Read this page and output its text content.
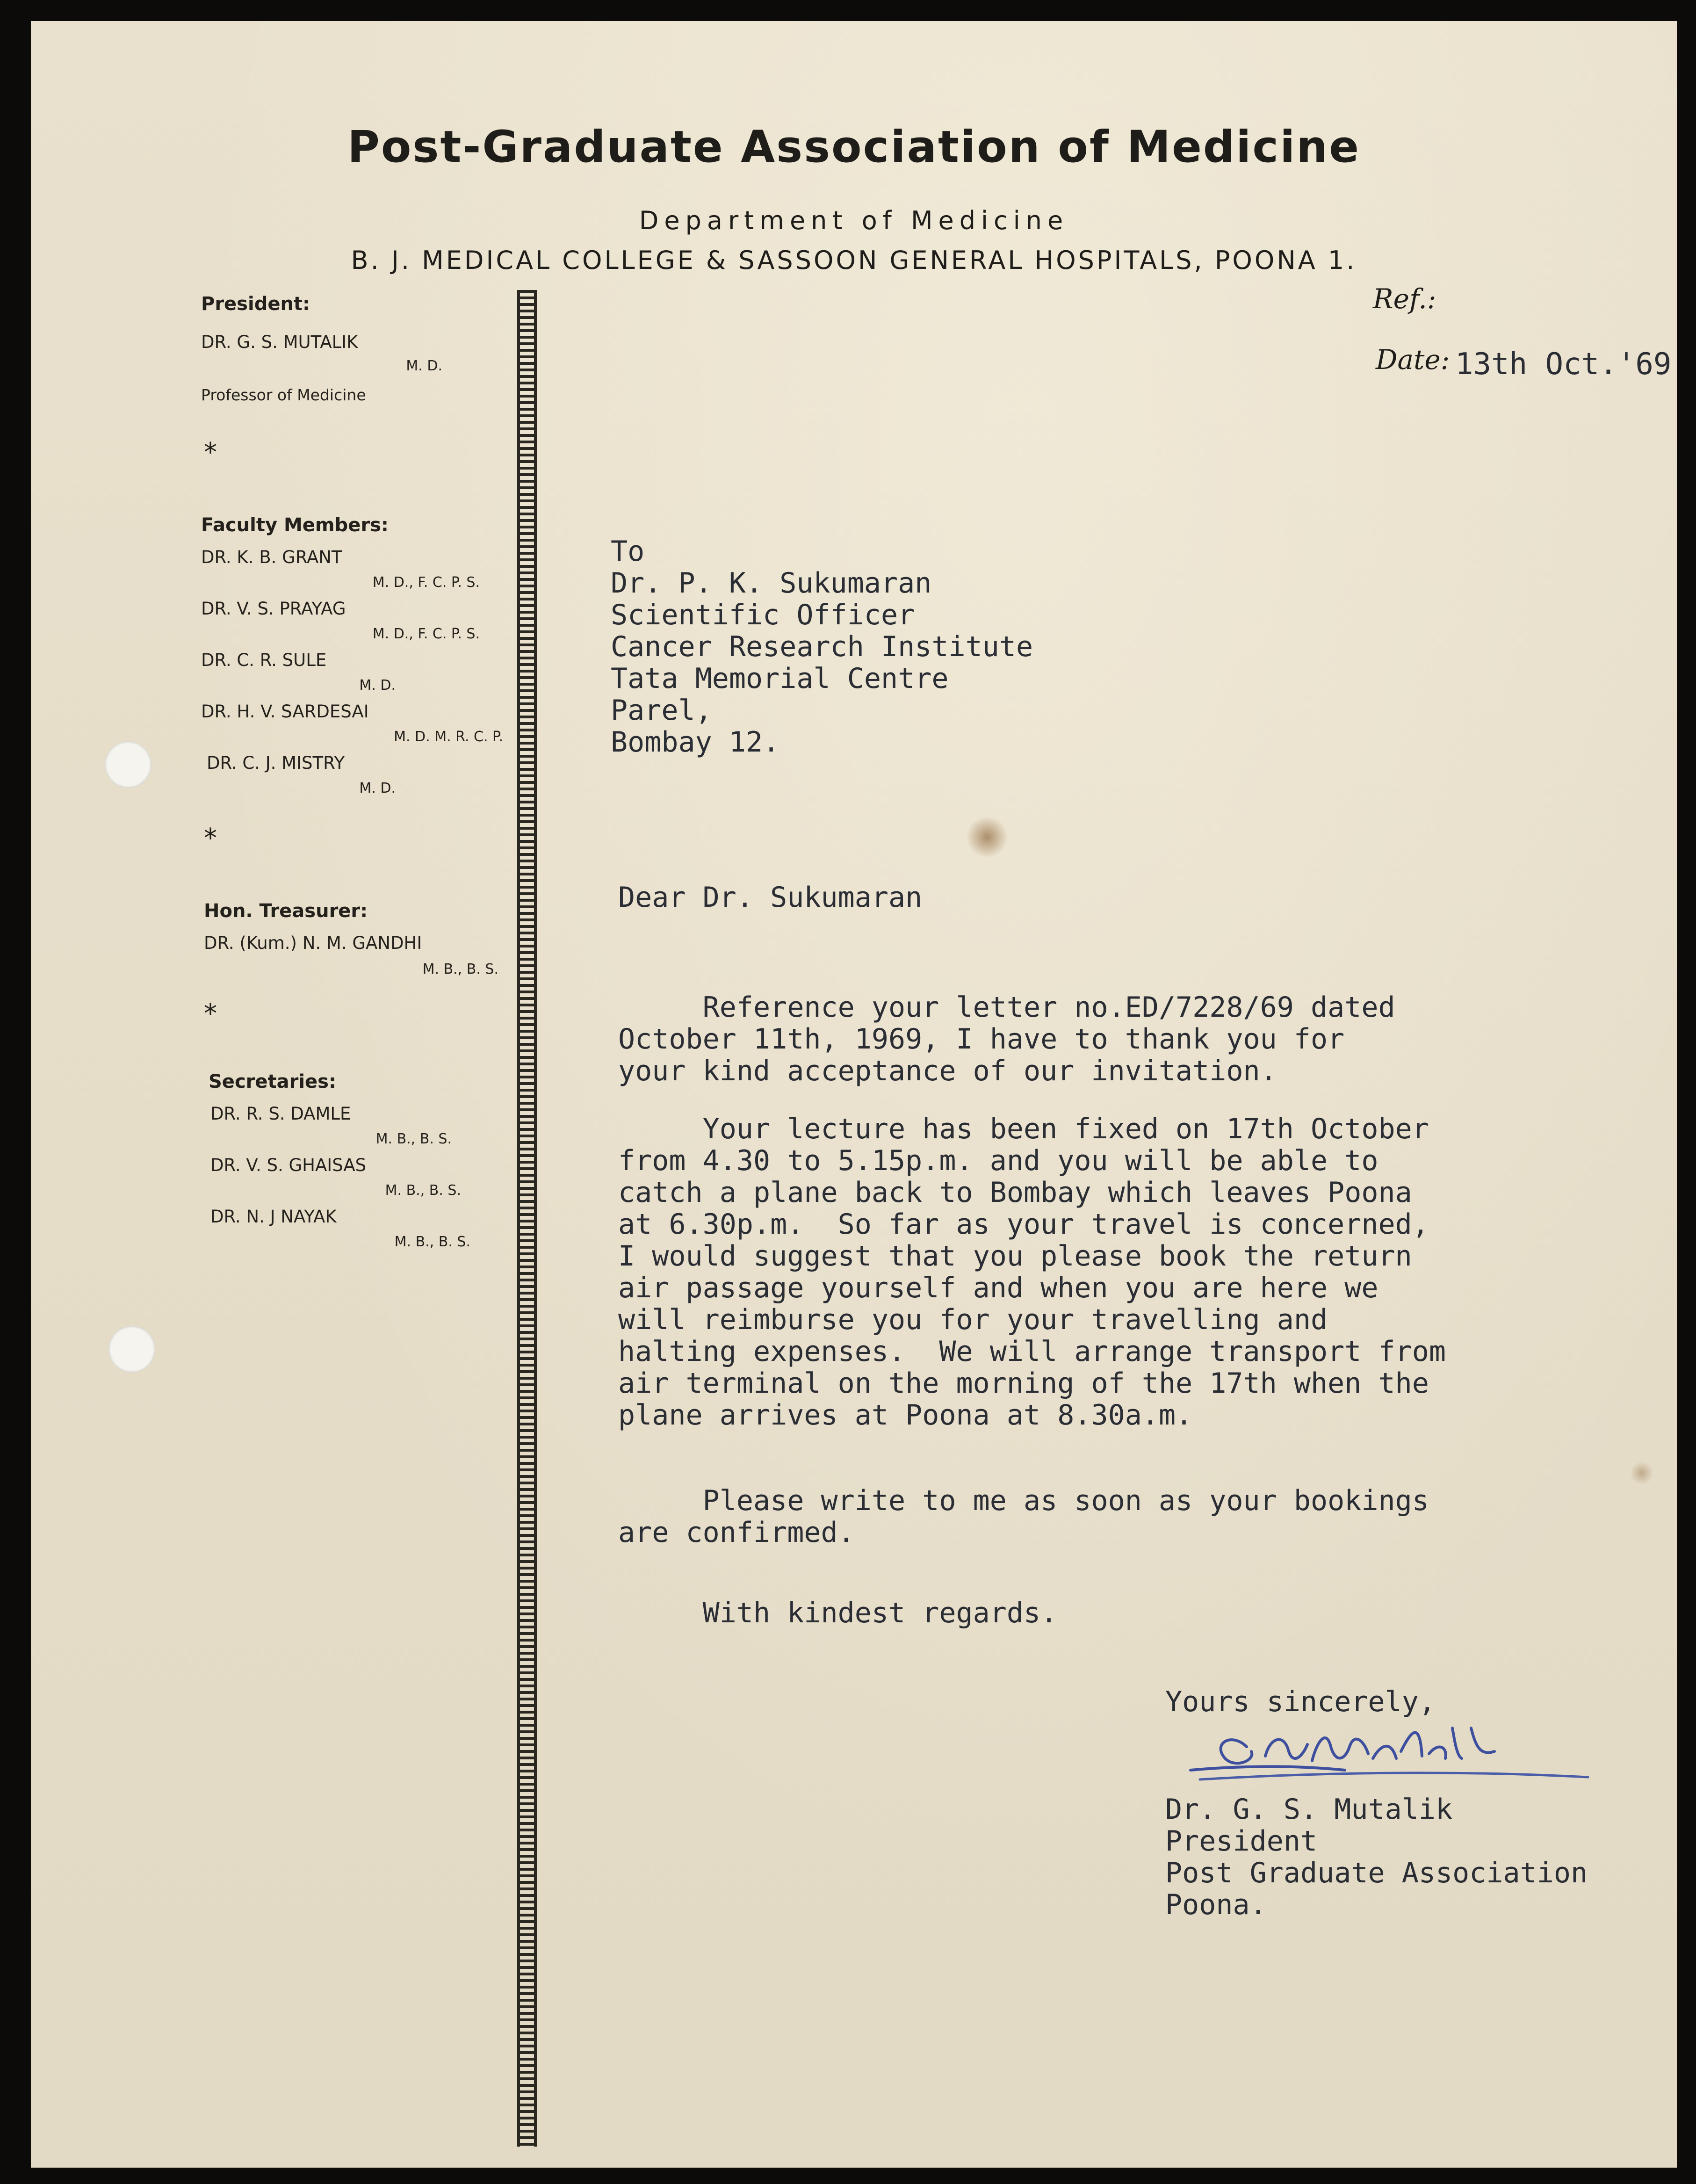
Post-Graduate Association of Medicine
Department of Medicine
B. J. MEDICAL COLLEGE & SASSOON GENERAL HOSPITALS, POONA 1.
President:
DR. G. S. MUTALIK
M. D.
Professor of Medicine
*
Faculty Members:
DR. K. B. GRANT
M. D., F. C. P. S.
DR. V. S. PRAYAG
M. D., F. C. P. S.
DR. C. R. SULE
M. D.
DR. H. V. SARDESAI
M. D. M. R. C. P.
DR. C. J. MISTRY
M. D.
*
Hon. Treasurer:
DR. (Kum.) N. M. GANDHI
M. B., B. S.
*
Secretaries:
DR. R. S. DAMLE
M. B., B. S.
DR. V. S. GHAISAS
M. B., B. S.
DR. N. J NAYAK
M. B., B. S.
Ref.:
Date: 13th Oct.'69
To
Dr. P. K. Sukumaran
Scientific Officer
Cancer Research Institute
Tata Memorial Centre
Parel,
Bombay 12.
Dear Dr. Sukumaran
Reference your letter no.ED/7228/69 dated
October 11th, 1969, I have to thank you for
your kind acceptance of our invitation.
Your lecture has been fixed on 17th October
from 4.30 to 5.15p.m. and you will be able to
catch a plane back to Bombay which leaves Poona
at 6.30p.m.  So far as your travel is concerned,
I would suggest that you please book the return
air passage yourself and when you are here we
will reimburse you for your travelling and
halting expenses.  We will arrange transport from
air terminal on the morning of the 17th when the
plane arrives at Poona at 8.30a.m.
Please write to me as soon as your bookings
are confirmed.
With kindest regards.
Yours sincerely,
Dr. G. S. Mutalik
President
Post Graduate Association
Poona.
